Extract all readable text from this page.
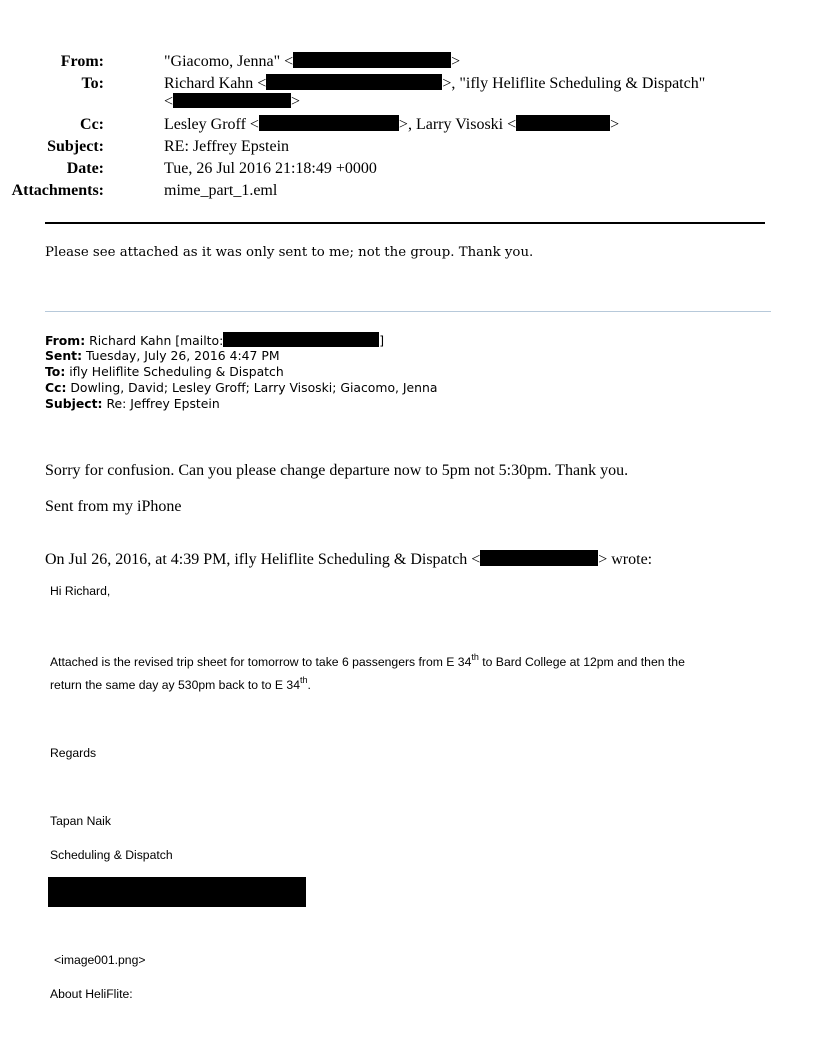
From:	"Giacomo, Jenna" <	>
To:	Richard Kahn <	>, "ifly Heliflite Scheduling & Dispatch"
<	>
Cc:	Lesley Groff <	>, Larry Visoski <	>
Subject:	RE: Jeffrey Epstein
Date:	Tue, 26 Jul 2016 21:18:49 +0000
Attachments:	mime_part_1.eml
Please see attached as it was only sent to me; not the group. Thank you.
From: Richard Kahn [mailto:	]
Sent: Tuesday, July 26, 2016 4:47 PM
To: ifly Heliflite Scheduling & Dispatch
Cc: Dowling, David; Lesley Groff; Larry Visoski; Giacomo, Jenna
Subject: Re: Jeffrey Epstein
Sorry for confusion. Can you please change departure now to 5pm not 5:30pm. Thank you.
Sent from my iPhone
On Jul 26, 2016, at 4:39 PM, ifly Heliflite Scheduling & Dispatch <	> wrote:
Hi Richard,
Attached is the revised trip sheet for tomorrow to take 6 passengers from E 34th to Bard College at 12pm and then the
return the same day ay 530pm back to to E 34th.
Regards
Tapan Naik
Scheduling & Dispatch
<image001.png>
About HeliFlite:
